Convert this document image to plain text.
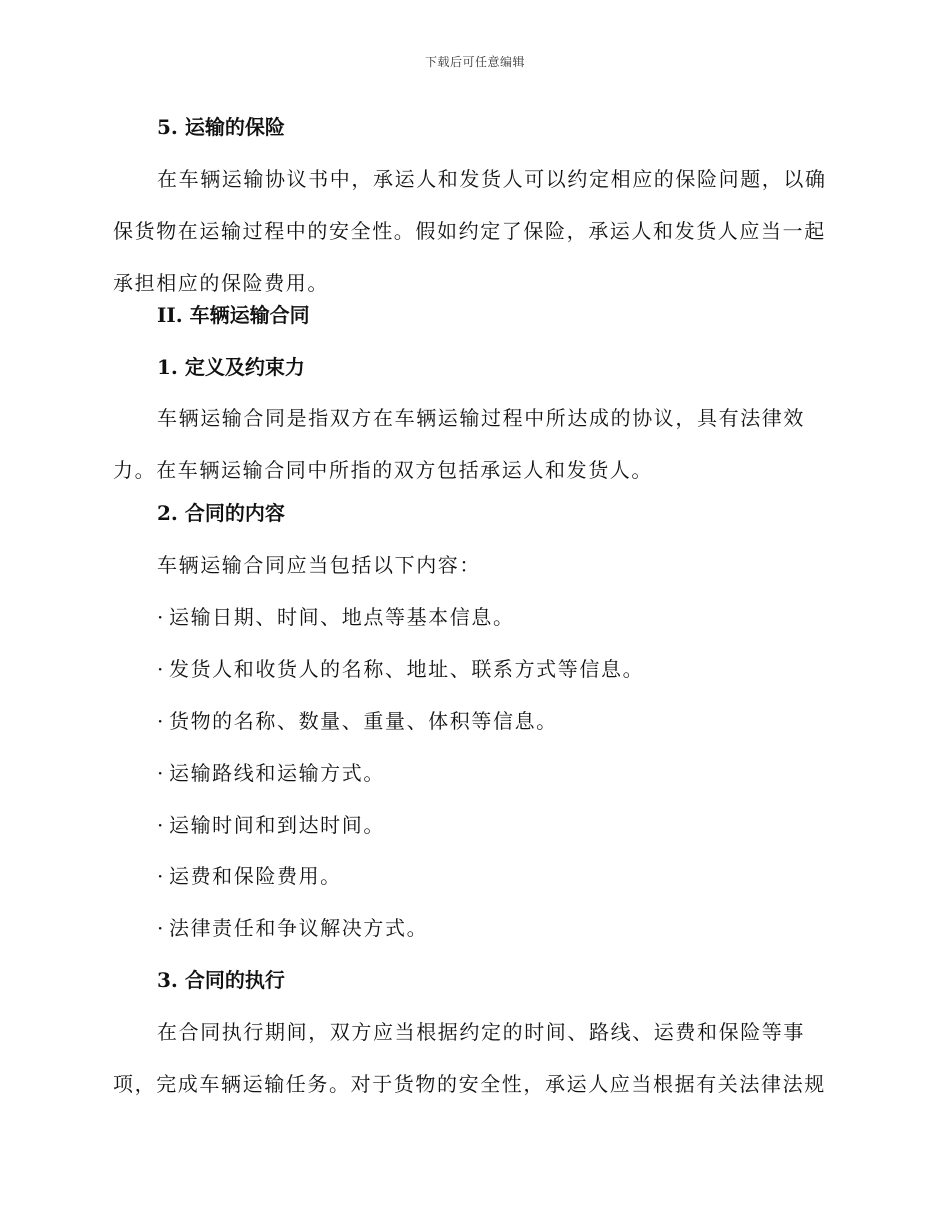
下载后可任意编辑
5. 运输的保险
在车辆运输协议书中，承运人和发货人可以约定相应的保险问题，以确保货物在运输过程中的安全性。假如约定了保险，承运人和发货人应当一起承担相应的保险费用。
II. 车辆运输合同
1. 定义及约束力
车辆运输合同是指双方在车辆运输过程中所达成的协议，具有法律效力。在车辆运输合同中所指的双方包括承运人和发货人。
2. 合同的内容
车辆运输合同应当包括以下内容：
· 运输日期、时间、地点等基本信息。
· 发货人和收货人的名称、地址、联系方式等信息。
· 货物的名称、数量、重量、体积等信息。
· 运输路线和运输方式。
· 运输时间和到达时间。
· 运费和保险费用。
· 法律责任和争议解决方式。
3. 合同的执行
在合同执行期间，双方应当根据约定的时间、路线、运费和保险等事项，完成车辆运输任务。对于货物的安全性，承运人应当根据有关法律法规
